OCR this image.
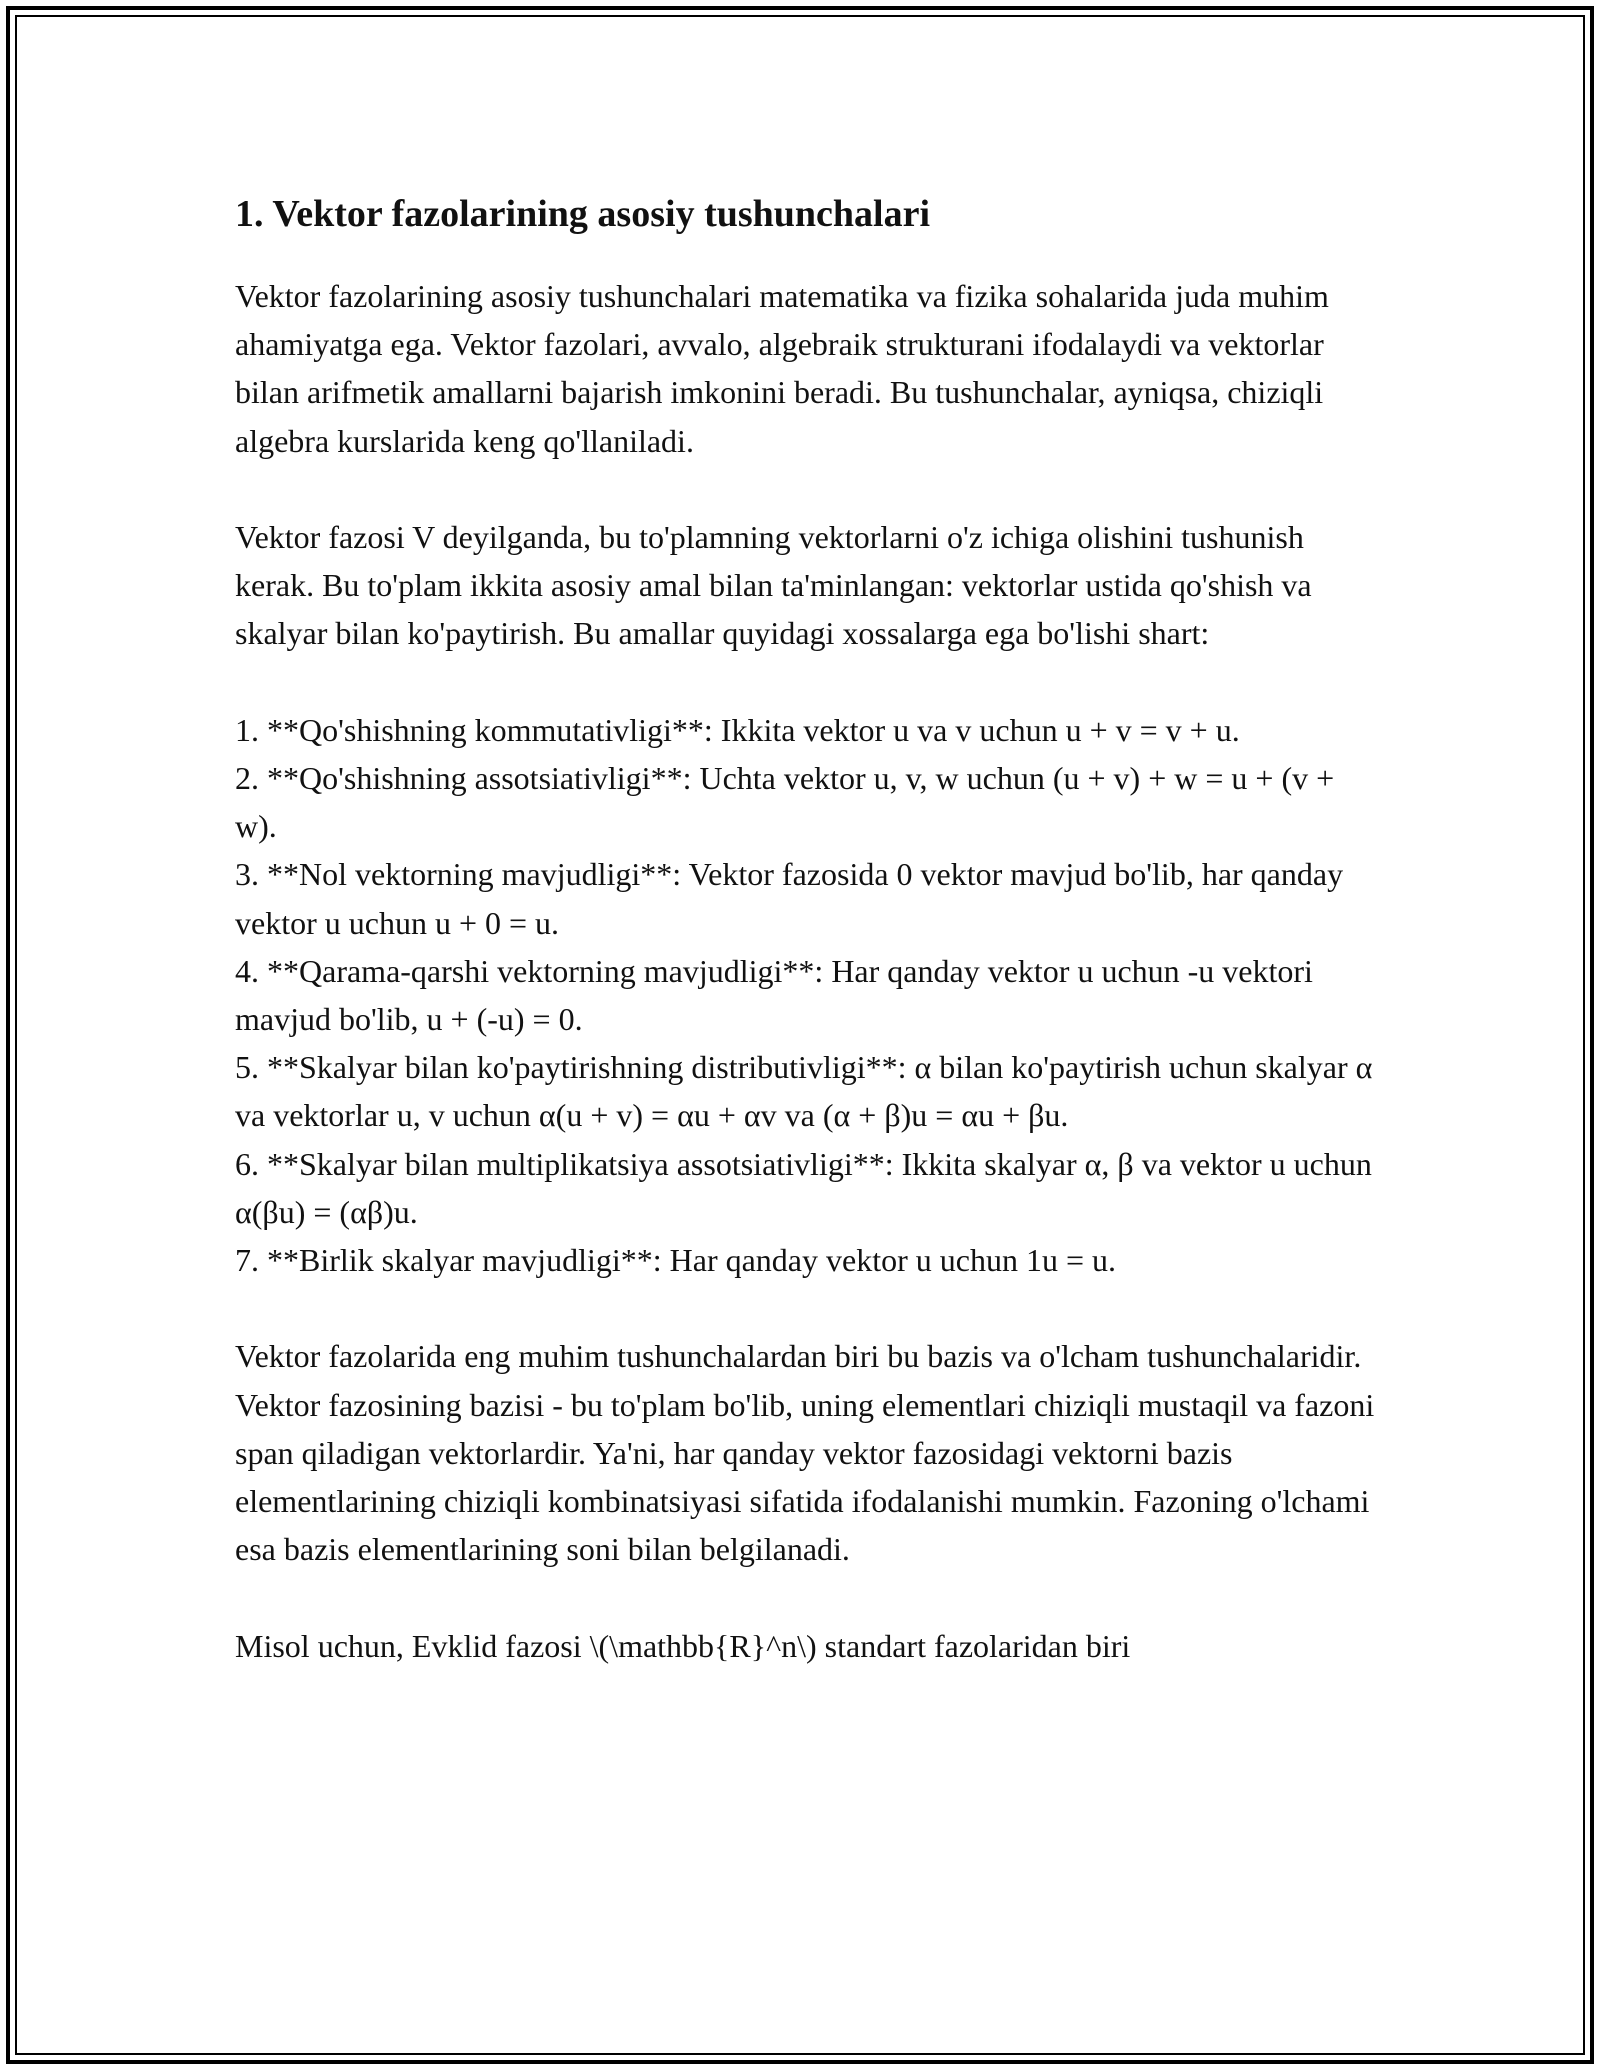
1. Vektor fazolarining asosiy tushunchalari

Vektor fazolarining asosiy tushunchalari matematika va fizika sohalarida juda muhim ahamiyatga ega. Vektor fazolari, avvalo, algebraik strukturani ifodalaydi va vektorlar bilan arifmetik amallarni bajarish imkonini beradi. Bu tushunchalar, ayniqsa, chiziqli algebra kurslarida keng qo'llaniladi.

Vektor fazosi V deyilganda, bu to'plamning vektorlarni o'z ichiga olishini tushunish kerak. Bu to'plam ikkita asosiy amal bilan ta'minlangan: vektorlar ustida qo'shish va skalyar bilan ko'paytirish. Bu amallar quyidagi xossalarga ega bo'lishi shart:

1. **Qo'shishning kommutativligi**: Ikkita vektor u va v uchun u + v = v + u.

2. **Qo'shishning assotsiativligi**: Uchta vektor u, v, w uchun (u + v) + w = u + (v + w).

3. **Nol vektorning mavjudligi**: Vektor fazosida 0 vektor mavjud bo'lib, har qanday vektor u uchun u + 0 = u.

4. **Qarama-qarshi vektorning mavjudligi**: Har qanday vektor u uchun -u vektori mavjud bo'lib, u + (-u) = 0.

5. **Skalyar bilan ko'paytirishning distributivligi**: α bilan ko'paytirish uchun skalyar α va vektorlar u, v uchun α(u + v) = αu + αv va (α + β)u = αu + βu.

6. **Skalyar bilan multiplikatsiya assotsiativligi**: Ikkita skalyar α, β va vektor u uchun α(βu) = (αβ)u.

7. **Birlik skalyar mavjudligi**: Har qanday vektor u uchun 1u = u.

Vektor fazolarida eng muhim tushunchalardan biri bu bazis va o'lcham tushunchalaridir. Vektor fazosining bazisi - bu to'plam bo'lib, uning elementlari chiziqli mustaqil va fazoni span qiladigan vektorlardir. Ya'ni, har qanday vektor fazosidagi vektorni bazis elementlarining chiziqli kombinatsiyasi sifatida ifodalanishi mumkin. Fazoning o'lchami esa bazis elementlarining soni bilan belgilanadi.

Misol uchun, Evklid fazosi \(\mathbb{R}^n\) standart fazolaridan biri
